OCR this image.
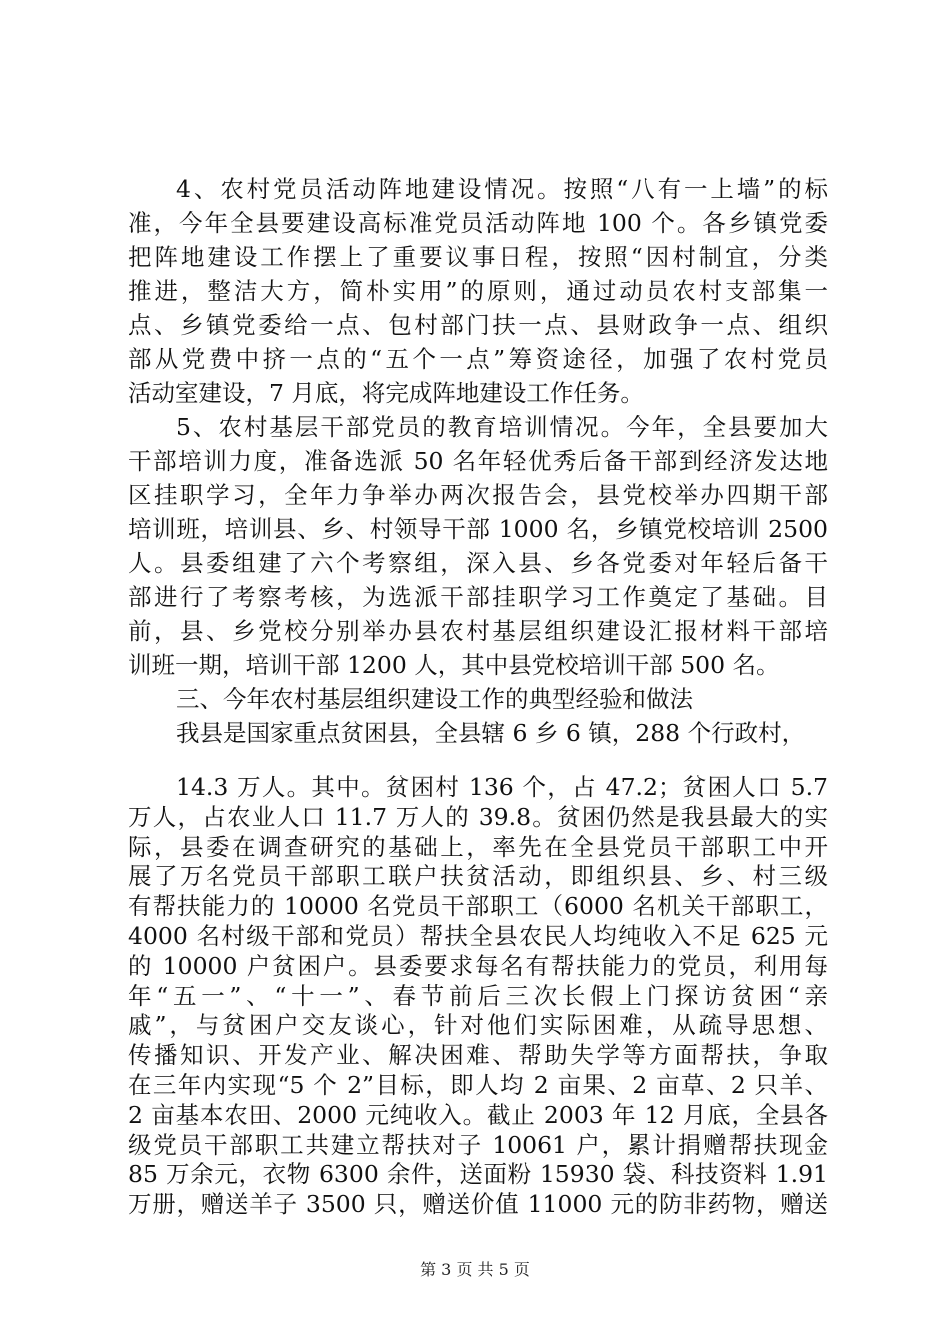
4、农村党员活动阵地建设情况。按照“八有一上墙”的标
准，今年全县要建设高标准党员活动阵地 100 个。各乡镇党委
把阵地建设工作摆上了重要议事日程，按照“因村制宜，分类
推进，整洁大方，简朴实用”的原则，通过动员农村支部集一
点、乡镇党委给一点、包村部门扶一点、县财政争一点、组织
部从党费中挤一点的“五个一点”筹资途径，加强了农村党员
活动室建设，7 月底，将完成阵地建设工作任务。
5、农村基层干部党员的教育培训情况。今年，全县要加大
干部培训力度，准备选派 50 名年轻优秀后备干部到经济发达地
区挂职学习，全年力争举办两次报告会，县党校举办四期干部
培训班，培训县、乡、村领导干部 1000 名，乡镇党校培训 2500
人。县委组建了六个考察组，深入县、乡各党委对年轻后备干
部进行了考察考核，为选派干部挂职学习工作奠定了基础。目
前，县、乡党校分别举办县农村基层组织建设汇报材料干部培
训班一期，培训干部 1200 人，其中县党校培训干部 500 名。
三、今年农村基层组织建设工作的典型经验和做法
我县是国家重点贫困县，全县辖 6 乡 6 镇，288 个行政村，
14.3 万人。其中。贫困村 136 个，占 47.2；贫困人口 5.7
万人，占农业人口 11.7 万人的 39.8。贫困仍然是我县最大的实
际，县委在调查研究的基础上，率先在全县党员干部职工中开
展了万名党员干部职工联户扶贫活动，即组织县、乡、村三级
有帮扶能力的 10000 名党员干部职工（6000 名机关干部职工，
4000 名村级干部和党员）帮扶全县农民人均纯收入不足 625 元
的 10000 户贫困户。县委要求每名有帮扶能力的党员，利用每
年“五一”、“十一”、春节前后三次长假上门探访贫困“亲
戚”，与贫困户交友谈心，针对他们实际困难，从疏导思想、
传播知识、开发产业、解决困难、帮助失学等方面帮扶，争取
在三年内实现“5 个 2”目标，即人均 2 亩果、2 亩草、2 只羊、
2 亩基本农田、2000 元纯收入。截止 2003 年 12 月底，全县各
级党员干部职工共建立帮扶对子 10061 户，累计捐赠帮扶现金
85 万余元，衣物 6300 余件，送面粉 15930 袋、科技资料 1.91
第 3 页 共 5 页
万册，赠送羊子 3500 只，赠送价值 11000 元的防非药物，赠送
